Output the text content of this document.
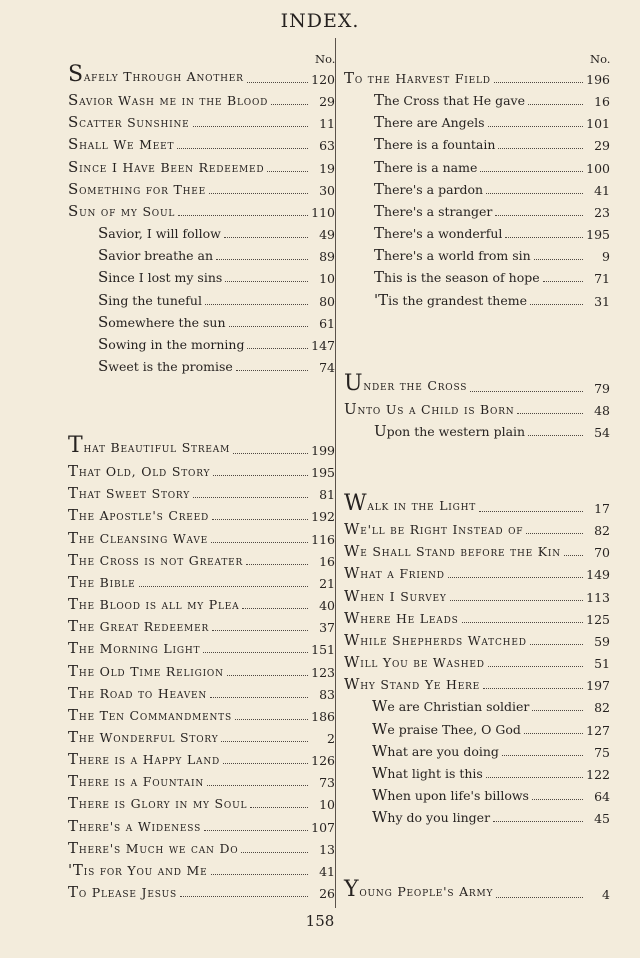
INDEX.
No.	No.
Safely Through Another	120
Savior Wash me in the Blood	29
Scatter Sunshine	11
Shall We Meet	63
Since I Have Been Redeemed	19
Something for Thee	30
Sun of my Soul	110
Savior, I will follow	49
Savior breathe an	89
Since I lost my sins	10
Sing the tuneful	80
Somewhere the sun	61
Sowing in the morning	147
Sweet is the promise	74
That Beautiful Stream	199
That Old, Old Story	195
That Sweet Story	81
The Apostle's Creed	192
The Cleansing Wave	116
The Cross is not Greater	16
The Bible	21
The Blood is all my Plea	40
The Great Redeemer	37
The Morning Light	151
The Old Time Religion	123
The Road to Heaven	83
The Ten Commandments	186
The Wonderful Story	2
There is a Happy Land	126
There is a Fountain	73
There is Glory in my Soul	10
There's a Wideness	107
There's Much we can Do	13
'Tis for You and Me	41
To Please Jesus	26
To the Harvest Field	196
The Cross that He gave	16
There are Angels	101
There is a fountain	29
There is a name	100
There's a pardon	41
There's a stranger	23
There's a wonderful	195
There's a world from sin	9
This is the season of hope	71
'Tis the grandest theme	31
Under the Cross	79
Unto Us a Child is Born	48
Upon the western plain	54
Walk in the Light	17
We'll be Right Instead of	82
We Shall Stand before the Kin	70
What a Friend	149
When I Survey	113
Where He Leads	125
While Shepherds Watched	59
Will You be Washed	51
Why Stand Ye Here	197
We are Christian soldier	82
We praise Thee, O God	127
What are you doing	75
What light is this	122
When upon life's billows	64
Why do you linger	45
Young People's Army	4
158
